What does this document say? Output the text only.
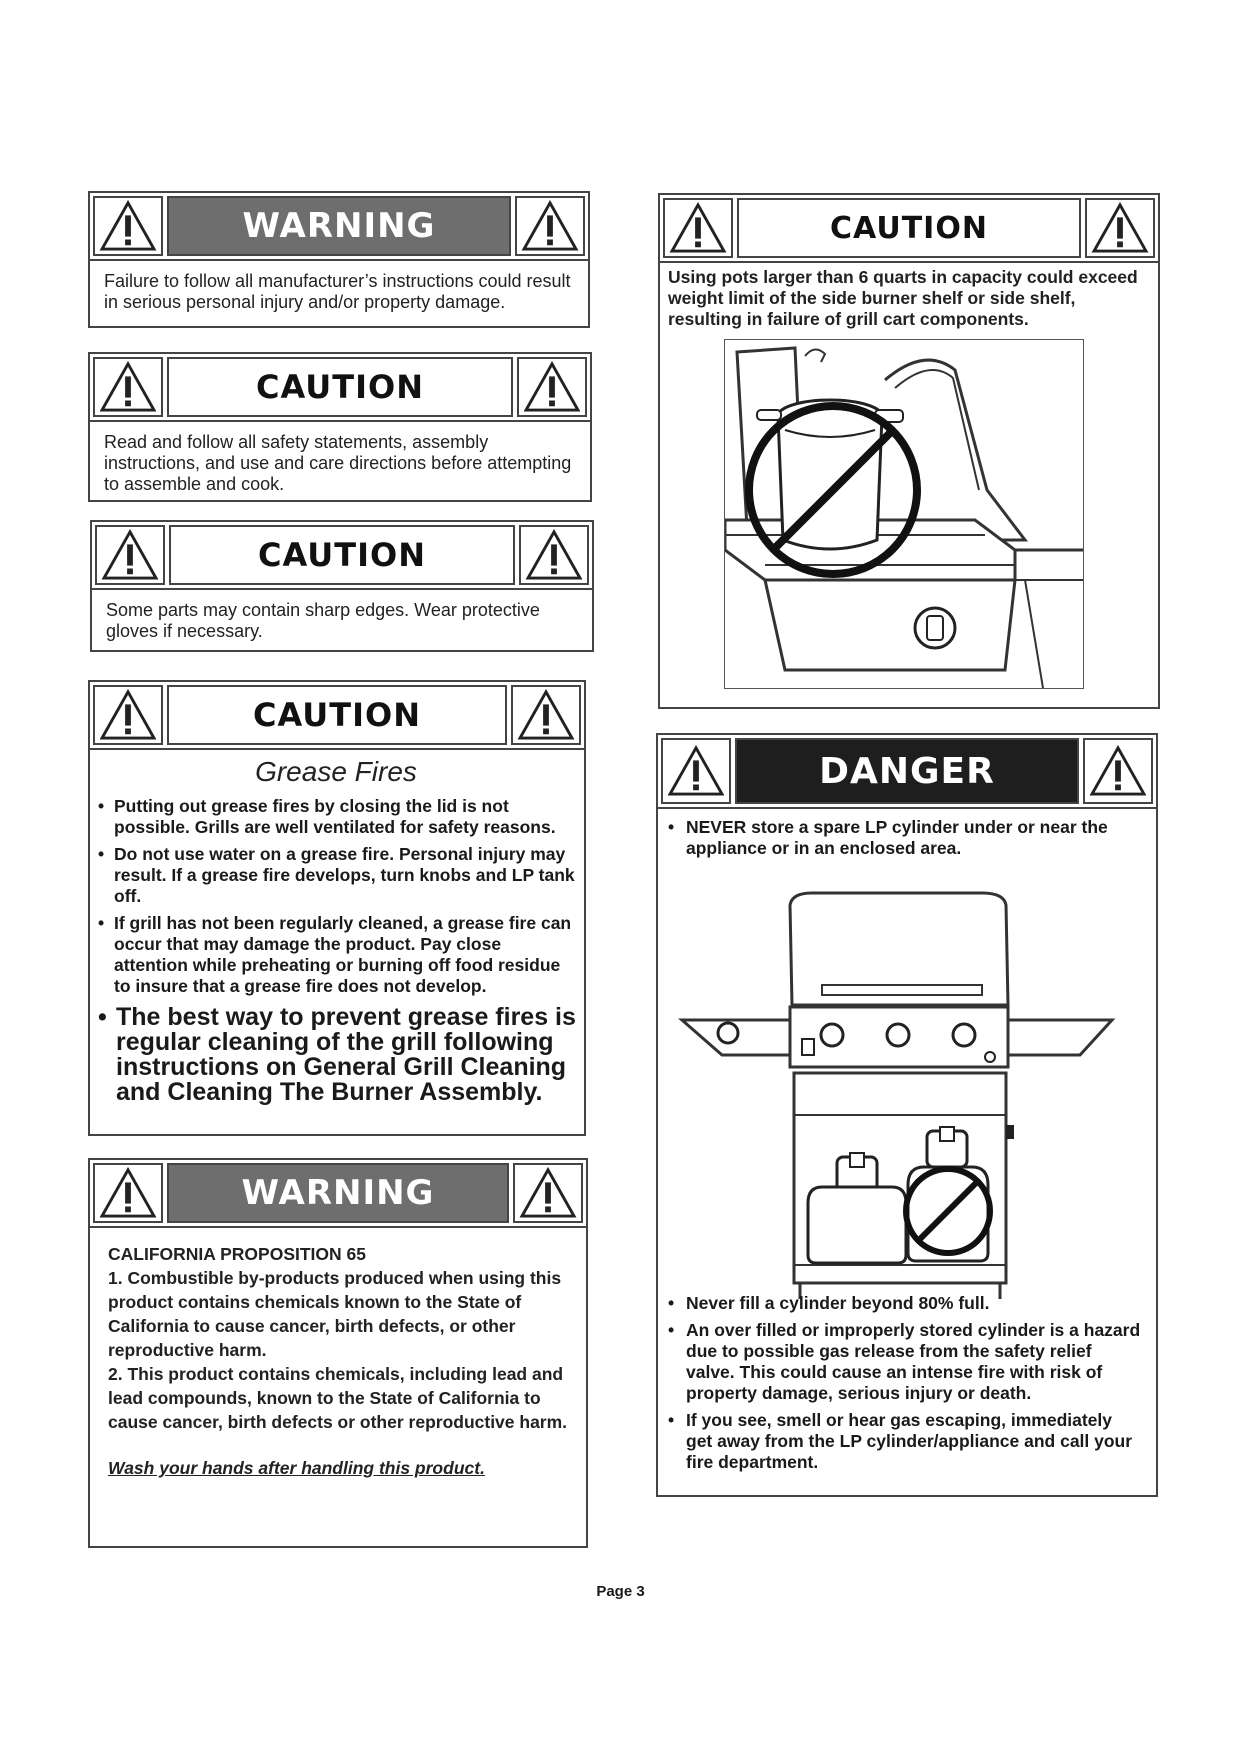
WARNING
Failure to follow all manufacturer’s instructions could result in serious personal injury and/or property damage.
CAUTION
Read and follow all safety statements, assembly instructions, and use and care directions before attempting to assemble and cook.
CAUTION
Some parts may contain sharp edges. Wear protective gloves if necessary.
CAUTION
Grease Fires
• Putting out grease fires by closing the lid is not possible. Grills are well ventilated for safety reasons.
• Do not use water on a grease fire. Personal injury may result. If a grease fire develops, turn knobs and LP tank off.
• If grill has not been regularly cleaned, a grease fire can occur that may damage the product. Pay close attention while preheating or burning off food residue to insure that a grease fire does not develop.
• The best way to prevent grease fires is regular cleaning of the grill following instructions on General Grill Cleaning and Cleaning The Burner Assembly.
WARNING
CALIFORNIA PROPOSITION 65
1. Combustible by-products produced when using this product contains chemicals known to the State of California to cause cancer, birth defects, or other reproductive harm.
2. This product contains chemicals, including lead and lead compounds, known to the State of California to cause cancer, birth defects or other reproductive harm.
Wash your hands after handling this product.
CAUTION
Using pots larger than 6 quarts in capacity could exceed weight limit of the side burner shelf or side shelf, resulting in failure of grill cart components.
DANGER
• NEVER store a spare LP cylinder under or near the appliance or in an enclosed area.
• Never fill a cylinder beyond 80% full.
• An over filled or improperly stored cylinder is a hazard due to possible gas release from the safety relief valve. This could cause an intense fire with risk of property damage, serious injury or death.
• If you see, smell or hear gas escaping, immediately get away from the LP cylinder/appliance and call your fire department.
Page 3
